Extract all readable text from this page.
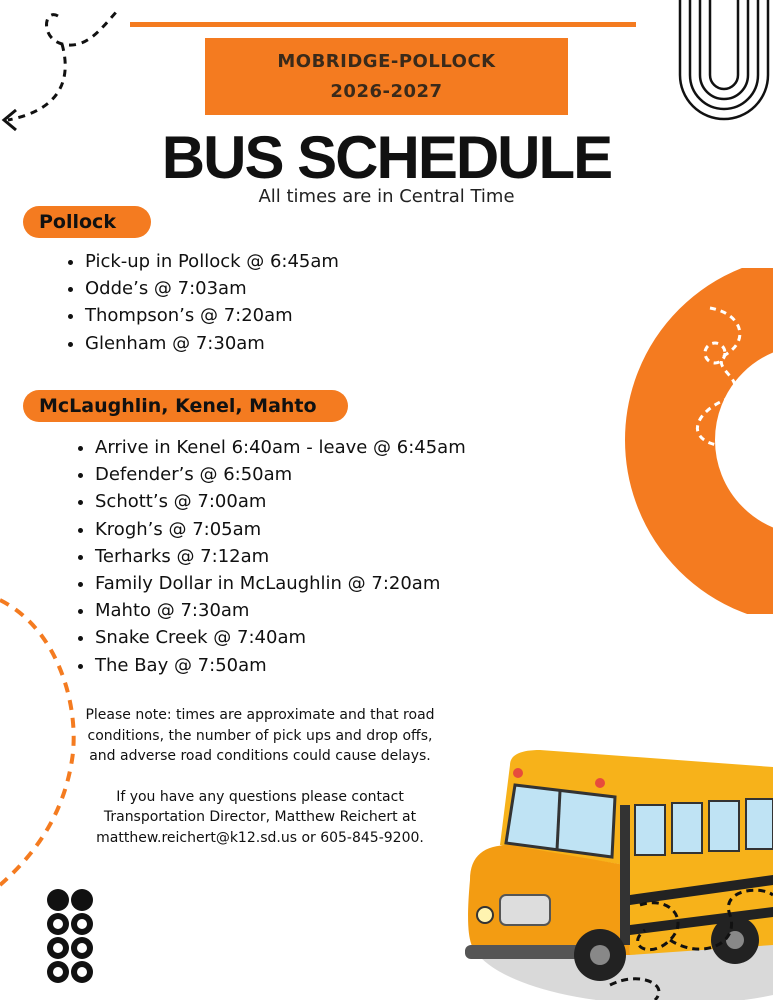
MOBRIDGE-POLLOCK
2026-2027
BUS SCHEDULE
All times are in Central Time
Pollock
• Pick-up in Pollock @ 6:45am
• Odde’s @ 7:03am
• Thompson’s @ 7:20am
• Glenham @ 7:30am
McLaughlin, Kenel, Mahto
• Arrive in Kenel 6:40am - leave @ 6:45am
• Defender’s @ 6:50am
• Schott’s @ 7:00am
• Krogh’s @ 7:05am
• Terharks @ 7:12am
• Family Dollar in McLaughlin @ 7:20am
• Mahto @ 7:30am
• Snake Creek @ 7:40am
• The Bay @ 7:50am

Please note: times are approximate and that road conditions, the number of pick ups and drop offs, and adverse road conditions could cause delays.

If you have any questions please contact Transportation Director, Matthew Reichert at matthew.reichert@k12.sd.us or 605-845-9200.
